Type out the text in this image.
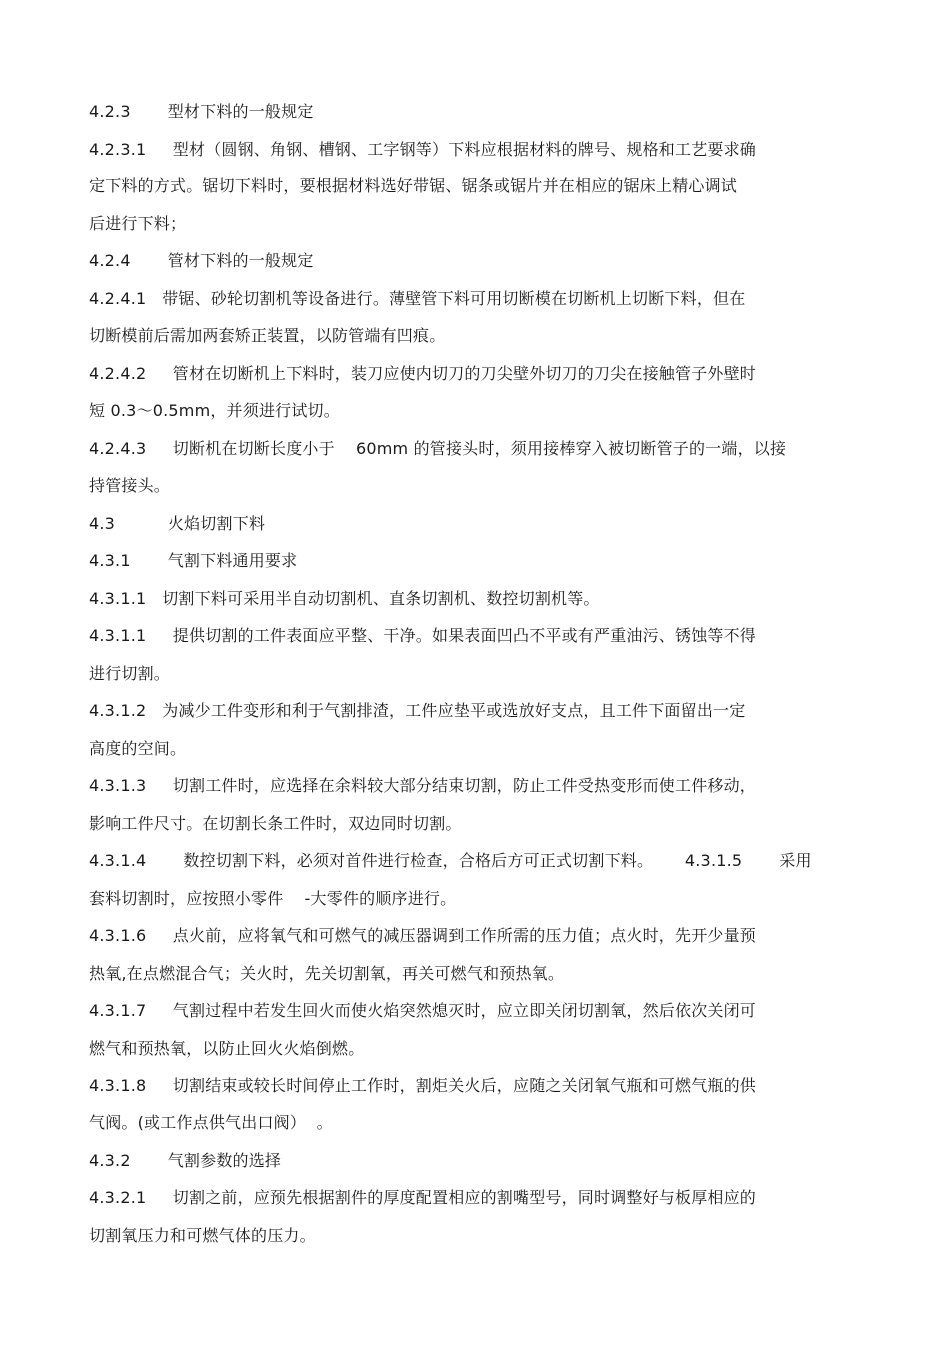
4.2.3       型材下料的一般规定
4.2.3.1     型材（圆钢、角钢、槽钢、工字钢等）下料应根据材料的牌号、规格和工艺要求确
定下料的方式。锯切下料时，要根据材料选好带锯、锯条或锯片并在相应的锯床上精心调试
后进行下料；
4.2.4       管材下料的一般规定
4.2.4.1   带锯、砂轮切割机等设备进行。薄壁管下料可用切断模在切断机上切断下料，但在
切断模前后需加两套矫正装置，以防管端有凹痕。
4.2.4.2     管材在切断机上下料时，装刀应使内切刀的刀尖壁外切刀的刀尖在接触管子外壁时
短 0.3～0.5mm，并须进行试切。
4.2.4.3     切断机在切断长度小于    60mm 的管接头时，须用接棒穿入被切断管子的一端，以接
持管接头。
4.3          火焰切割下料
4.3.1       气割下料通用要求
4.3.1.1   切割下料可采用半自动切割机、直条切割机、数控切割机等。
4.3.1.1     提供切割的工件表面应平整、干净。如果表面凹凸不平或有严重油污、锈蚀等不得
进行切割。
4.3.1.2   为减少工件变形和利于气割排渣，工件应垫平或选放好支点，且工件下面留出一定
高度的空间。
4.3.1.3     切割工件时，应选择在余料较大部分结束切割，防止工件受热变形而使工件移动，
影响工件尺寸。在切割长条工件时，双边同时切割。
4.3.1.4       数控切割下料，必须对首件进行检查，合格后方可正式切割下料。      4.3.1.5       采用
套料切割时，应按照小零件    -大零件的顺序进行。
4.3.1.6     点火前，应将氧气和可燃气的减压器调到工作所需的压力值；点火时，先开少量预
热氧,在点燃混合气；关火时，先关切割氧，再关可燃气和预热氧。
4.3.1.7     气割过程中若发生回火而使火焰突然熄灭时，应立即关闭切割氧，然后依次关闭可
燃气和预热氧，以防止回火火焰倒燃。
4.3.1.8     切割结束或较长时间停止工作时，割炬关火后，应随之关闭氧气瓶和可燃气瓶的供
气阀。(或工作点供气出口阀）  。
4.3.2       气割参数的选择
4.3.2.1     切割之前，应预先根据割件的厚度配置相应的割嘴型号，同时调整好与板厚相应的
切割氧压力和可燃气体的压力。
